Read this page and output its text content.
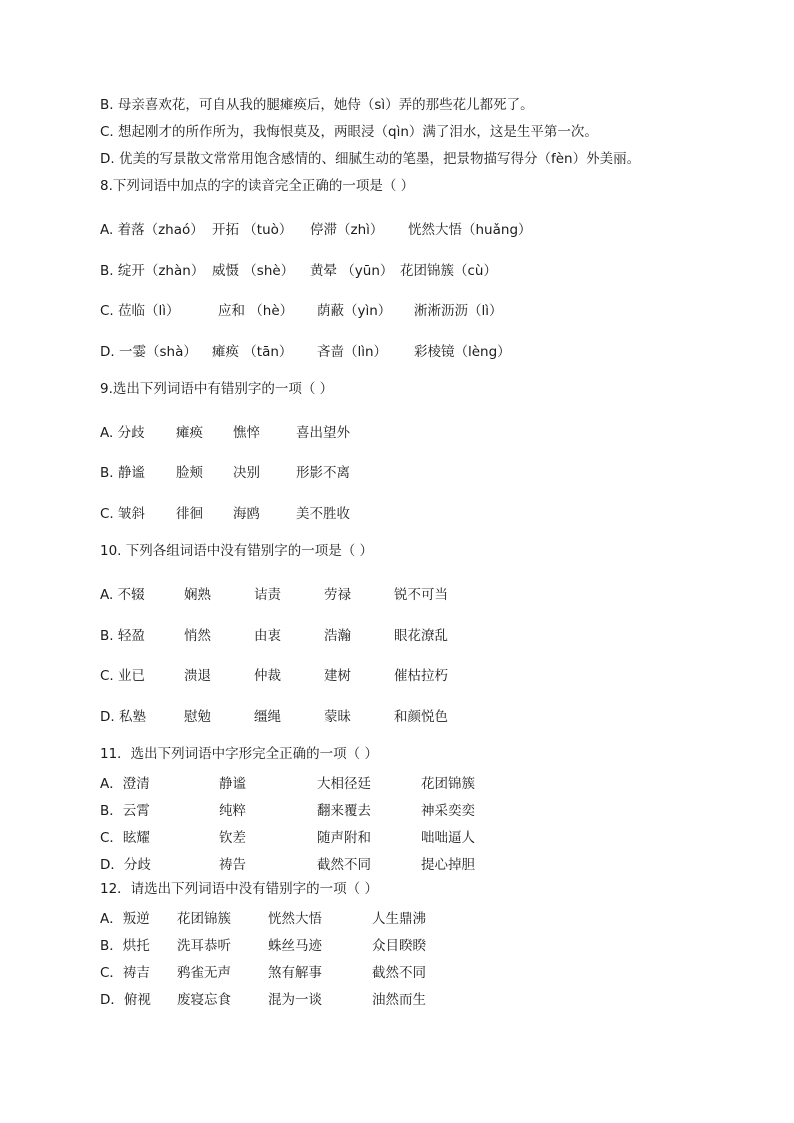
B. 母亲喜欢花，可自从我的腿瘫痪后，她侍（sì）弄的那些花儿都死了。
C. 想起刚才的所作所为，我悔恨莫及，两眼浸（qìn）满了泪水，这是生平第一次。
D. 优美的写景散文常常用饱含感情的、细腻生动的笔墨，把景物描写得分（fèn）外美丽。
8.下列词语中加点的字的读音完全正确的一项是（ ）
A. 着落（zhaó） 开拓 （tuò） 停滞（zhì） 恍然大悟（huǎng）
B. 绽开（zhàn） 威慑 （shè） 黄晕 （yūn） 花团锦簇（cù）
C. 莅临（lì）	应和 （hè） 荫蔽（yìn） 淅淅沥沥（lì）
D. 一霎（shà） 瘫痪 （tān） 吝啬（lìn） 彩棱镜（lèng）
9.选出下列词语中有错别字的一项（ ）
A. 分歧 瘫痪 憔悴	喜出望外
B. 静谧 脸颊 决别	形影不离
C. 皱斜 徘徊 海鸥	美不胜收
10. 下列各组词语中没有错别字的一项是（ ）
A. 不辍	娴熟	诘责	劳禄	锐不可当
B. 轻盈	悄然	由衷	浩瀚	眼花潦乱
C. 业已	溃退	仲裁	建树	催枯拉朽
D. 私塾	慰勉	缰绳	蒙昧	和颜悦色
11．选出下列词语中字形完全正确的一项（ ）
A．澄清	静谧	大相径廷	花团锦簇
B．云霄	纯粹	翻来覆去	神采奕奕
C．眩耀	钦差	随声附和	咄咄逼人
D．分歧	祷告	截然不同	提心掉胆
12．请选出下列词语中没有错别字的一项（ ）
A．叛逆 花团锦簇	恍然大悟	人生鼎沸
B．烘托 洗耳恭听	蛛丝马迹	众目睽睽
C．祷吉 鸦雀无声	煞有解事	截然不同
D．俯视 废寝忘食	混为一谈	油然而生
